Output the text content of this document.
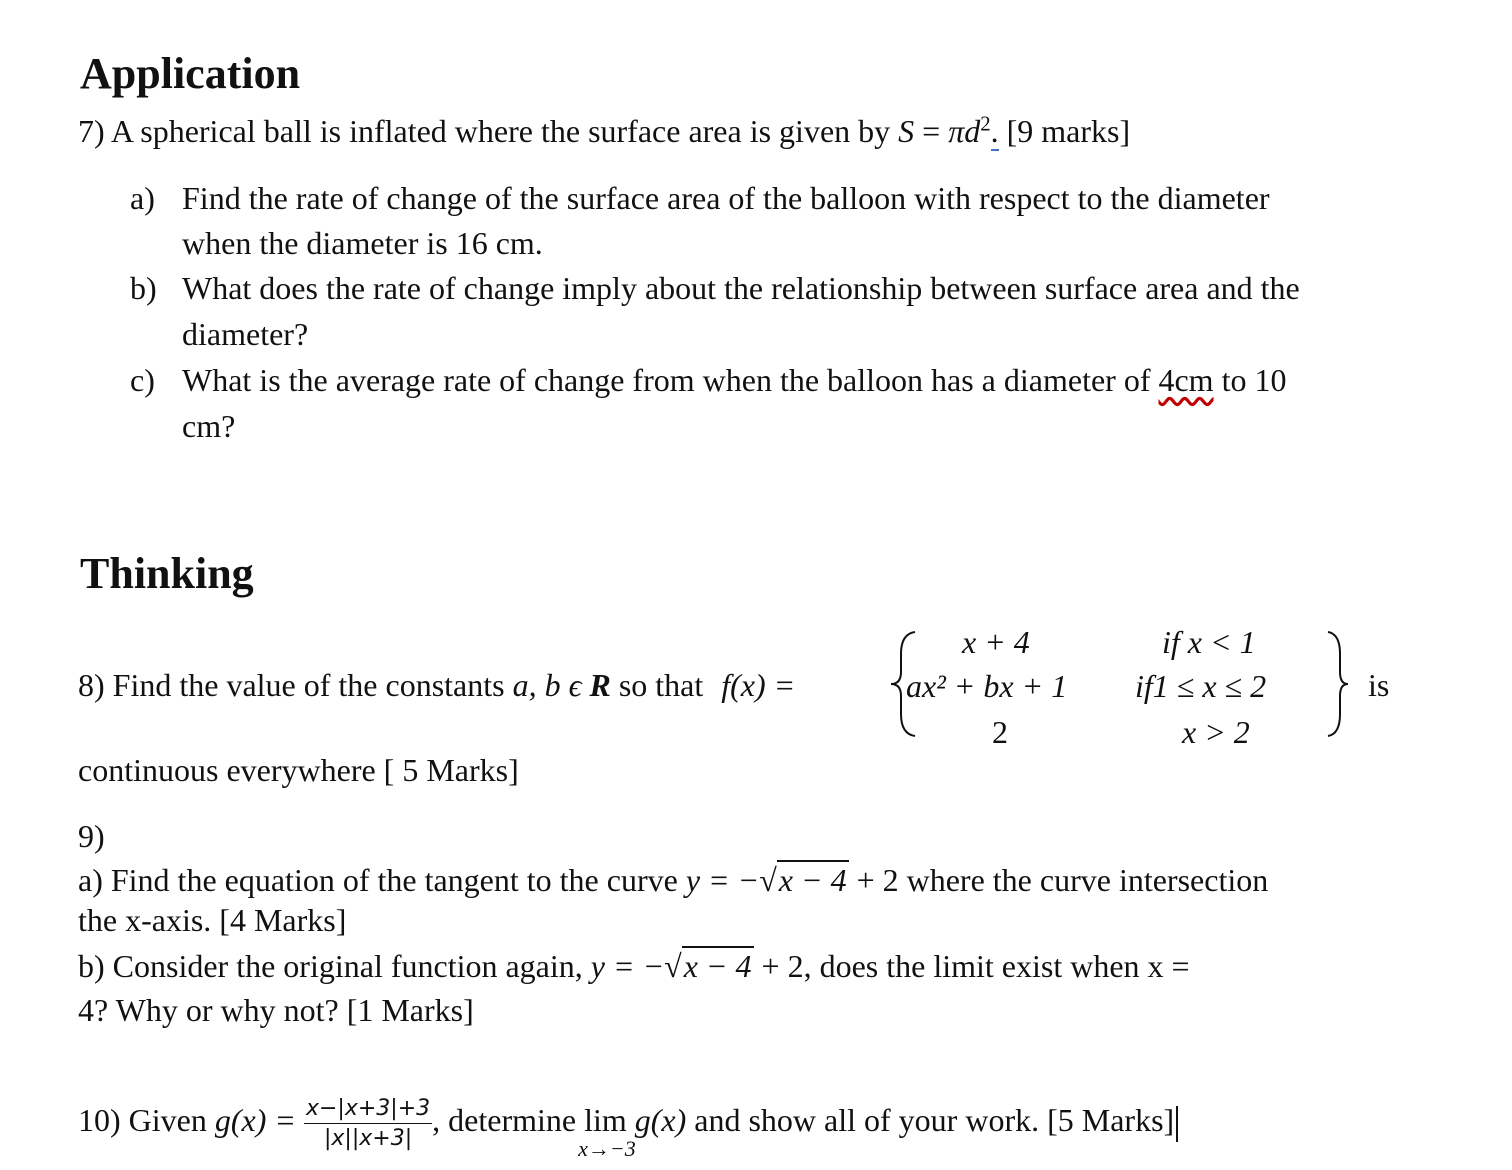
Application
7) A spherical ball is inflated where the surface area is given by $S = \pi d^2$. [9 marks]
a) Find the rate of change of the surface area of the balloon with respect to the diameter
when the diameter is 16 cm.
b) What does the rate of change imply about the relationship between surface area and the
diameter?
c) What is the average rate of change from when the balloon has a diameter of 4cm to 10
cm?
Thinking
8) Find the value of the constants a, b ϵ R so that f(x) =
x + 4	if x < 1
ax² + bx + 1 if1 ≤ x ≤ 2
2	x > 2
is
continuous everywhere [ 5 Marks]
9)
a) Find the equation of the tangent to the curve y = −√x − 4 + 2 where the curve intersection
the x-axis. [4 Marks]
b) Consider the original function again, y = −√x − 4 + 2, does the limit exist when x =
4? Why or why not? [1 Marks]
10) Given $g(x) = \frac{x-|x+3|+3}{|x||x+3|}$ , determine lim
x→−3
g(x) and show all of your work. [5 Marks]
